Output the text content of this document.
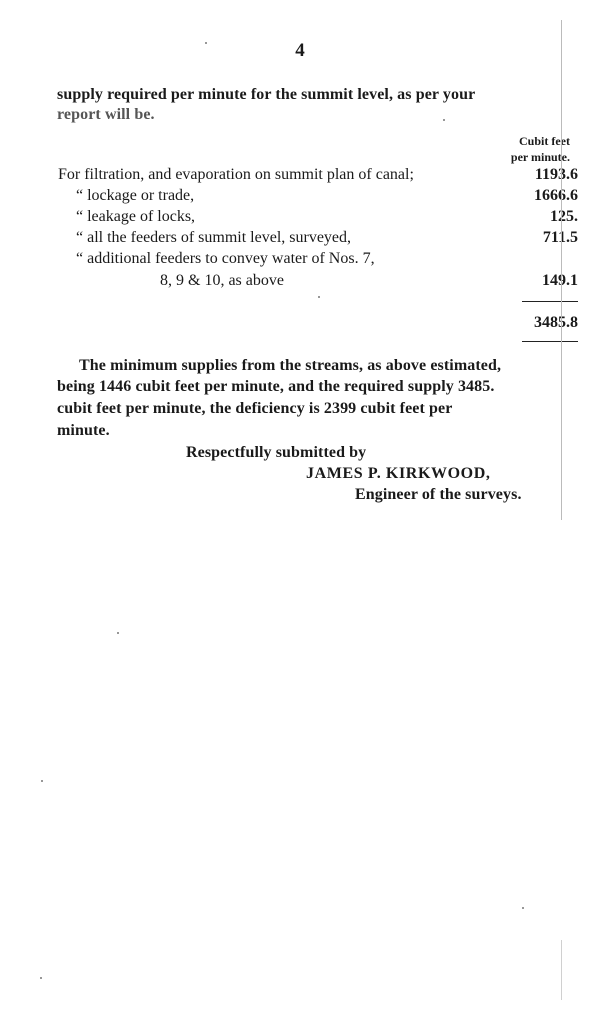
4
supply required per minute for the summit level, as per your
report will be.
Cubit feet
per minute.
For filtration, and evaporation on summit plan of canal;	1193.6
“ lockage or trade,	1666.6
“ leakage of locks,	125.
“ all the feeders of summit level, surveyed,	711.5
“ additional feeders to convey water of Nos. 7,
8, 9 & 10, as above	149.1
3485.8
The minimum supplies from the streams, as above estimated,
being 1446 cubit feet per minute, and the required supply 3485.
cubit feet per minute, the deficiency is 2399 cubit feet per
minute.
Respectfully submitted by
JAMES P. KIRKWOOD,
Engineer of the surveys.
